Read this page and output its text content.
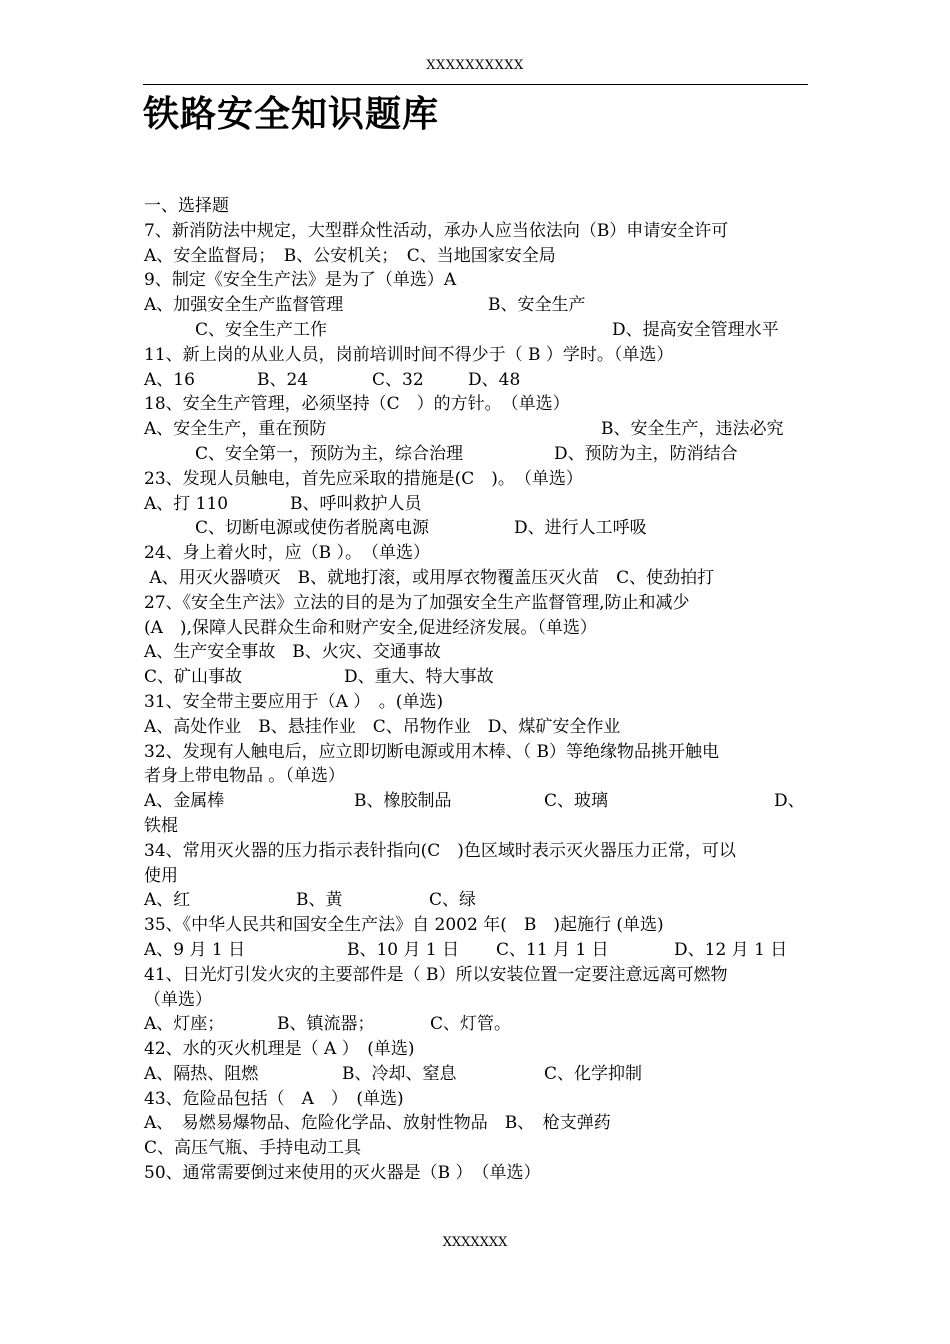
XXXXXXXXXX
铁路安全知识题库
一、选择题
7、新消防法中规定，大型群众性活动，承办人应当依法向（B）申请安全许可
A、安全监督局；　B、公安机关；　C、当地国家安全局
9、制定《安全生产法》是为了（单选）A
A、加强安全生产监督管理	B、安全生产
　　　C、安全生产工作	D、提高安全管理水平
11、新上岗的从业人员，岗前培训时间不得少于（ B ）学时。（单选）
A、16	B、24	C、32	D、48
18、安全生产管理，必须坚持（C　）的方针。　（单选）
A、安全生产，重在预防	B、安全生产，违法必究
　　　C、安全第一，预防为主，综合治理	D、预防为主，防消结合
23、发现人员触电，首先应采取的措施是(C　)。　（单选）
A、打 110	B、呼叫救护人员
　　　C、切断电源或使伤者脱离电源	D、进行人工呼吸
24、身上着火时，应（B ）。　（单选）
A、用灭火器喷灭　B、就地打滚，或用厚衣物覆盖压灭火苗　C、使劲拍打
27、《安全生产法》立法的目的是为了加强安全生产监督管理,防止和减少
(A　),保障人民群众生命和财产安全,促进经济发展。（单选）
A、生产安全事故　B、火灾、交通事故
C、矿山事故	D、重大、特大事故
31、安全带主要应用于（A ）　。(单选)
A、高处作业　B、悬挂作业　C、吊物作业　D、煤矿安全作业
32、发现有人触电后，应立即切断电源或用木棒、（ B）等绝缘物品挑开触电
者身上带电物品 。（单选）
A、金属棒	B、橡胶制品	C、玻璃	D、
铁棍
34、常用灭火器的压力指示表针指向(C　)色区域时表示灭火器压力正常，可以
使用
A、红	B、黄	C、绿
35、《中华人民共和国安全生产法》自 2002 年(　B　)起施行 (单选)
A、9 月 1 日	B、10 月 1 日 C、11 月 1 日	D、12 月 1 日
41、日光灯引发火灾的主要部件是（ B）所以安装位置一定要注意远离可燃物
（单选）
A、灯座；	B、镇流器；	C、灯管。
42、水的灭火机理是（ A ）　(单选)
A、隔热、阻燃	B、冷却、窒息	C、化学抑制
43、危险品包括（　A　）　(单选)
A、　易燃易爆物品、危险化学品、放射性物品　B、　枪支弹药
C、高压气瓶、手持电动工具
50、通常需要倒过来使用的灭火器是（B ）　（单选）
XXXXXXX
